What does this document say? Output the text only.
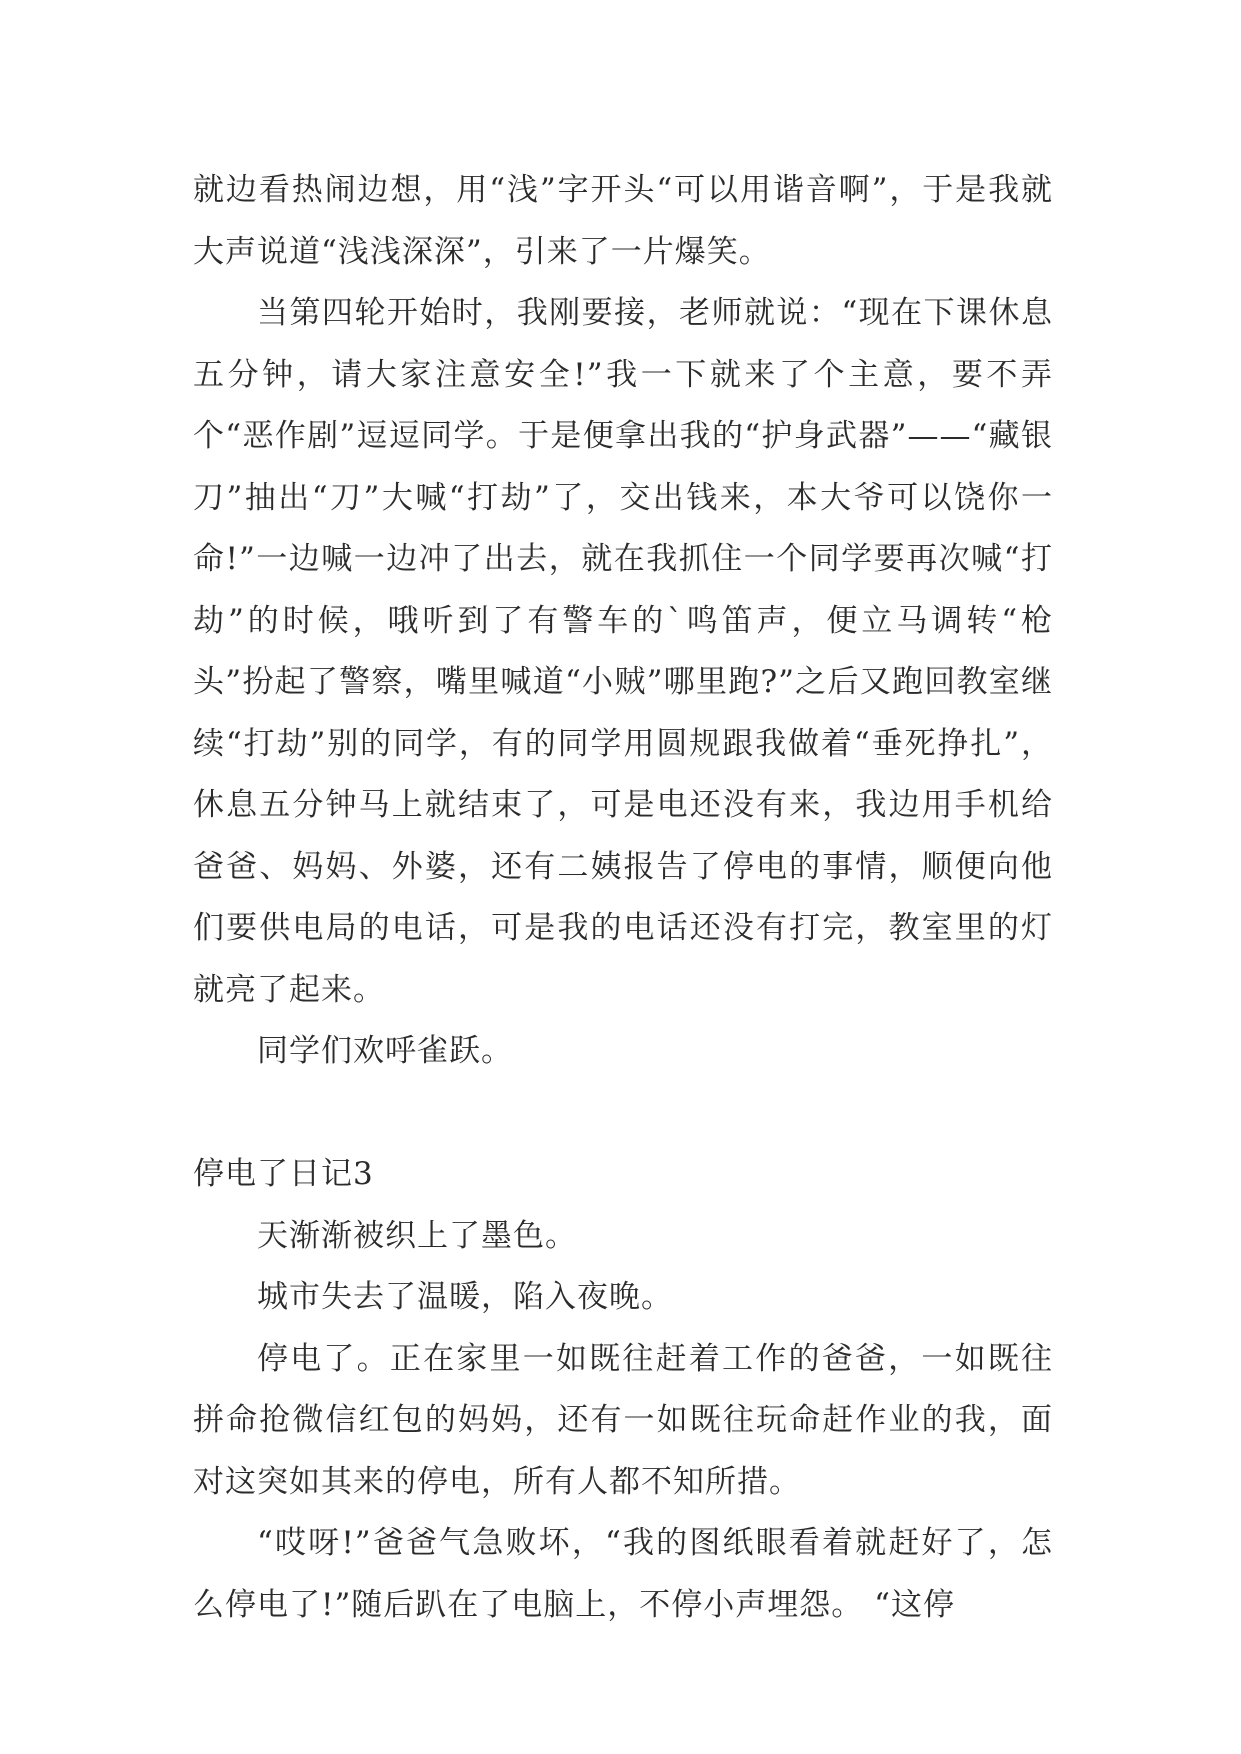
就边看热闹边想，用“浅”字开头“可以用谐音啊”，于是我就大声说道“浅浅深深”，引来了一片爆笑。

当第四轮开始时，我刚要接，老师就说：“现在下课休息五分钟，请大家注意安全!”我一下就来了个主意，要不弄个“恶作剧”逗逗同学。于是便拿出我的“护身武器”——“藏银刀”抽出“刀”大喊“打劫”了，交出钱来，本大爷可以饶你一命!”一边喊一边冲了出去，就在我抓住一个同学要再次喊“打劫”的时候，哦听到了有警车的`鸣笛声，便立马调转“枪头”扮起了警察，嘴里喊道“小贼”哪里跑?”之后又跑回教室继续“打劫”别的同学，有的同学用圆规跟我做着“垂死挣扎”，休息五分钟马上就结束了，可是电还没有来，我边用手机给爸爸、妈妈、外婆，还有二姨报告了停电的事情，顺便向他们要供电局的电话，可是我的电话还没有打完，教室里的灯就亮了起来。

同学们欢呼雀跃。

停电了日记3

天渐渐被织上了墨色。

城市失去了温暖，陷入夜晚。

停电了。正在家里一如既往赶着工作的爸爸，一如既往拼命抢微信红包的妈妈，还有一如既往玩命赶作业的我，面对这突如其来的停电，所有人都不知所措。

“哎呀!”爸爸气急败坏，“我的图纸眼看着就赶好了，怎么停电了!”随后趴在了电脑上，不停小声埋怨。 “这停
